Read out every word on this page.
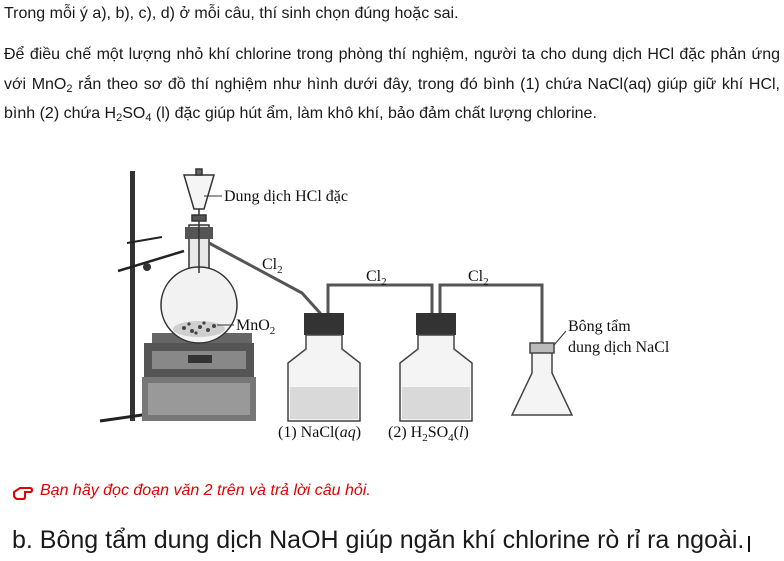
Trong mỗi ý a), b), c), d) ở mỗi câu, thí sinh chọn đúng hoặc sai.
Để điều chế một lượng nhỏ khí chlorine trong phòng thí nghiệm, người ta cho dung dịch HCl đặc phản ứng với MnO$_2$ rắn theo sơ đồ thí nghiệm như hình dưới đây, trong đó bình (1) chứa NaCl(aq) giúp giữ khí HCl, bình (2) chứa $H_2SO_4$ (l) đặc giúp hút ẩm, làm khô khí, bảo đảm chất lượng chlorine.
Dung dịch HCl đặc
$Cl_2$	$Cl_2$	$Cl_2$
MnO$_2$	Bông tẩm
dung dịch NaCl
(1) NaCl(aq) (2) $H_2SO_4(l)$
Bạn hãy đọc đoạn văn 2 trên và trả lời câu hỏi.
b. Bông tẩm dung dịch NaOH giúp ngăn khí chlorine rò rỉ ra ngoài.
